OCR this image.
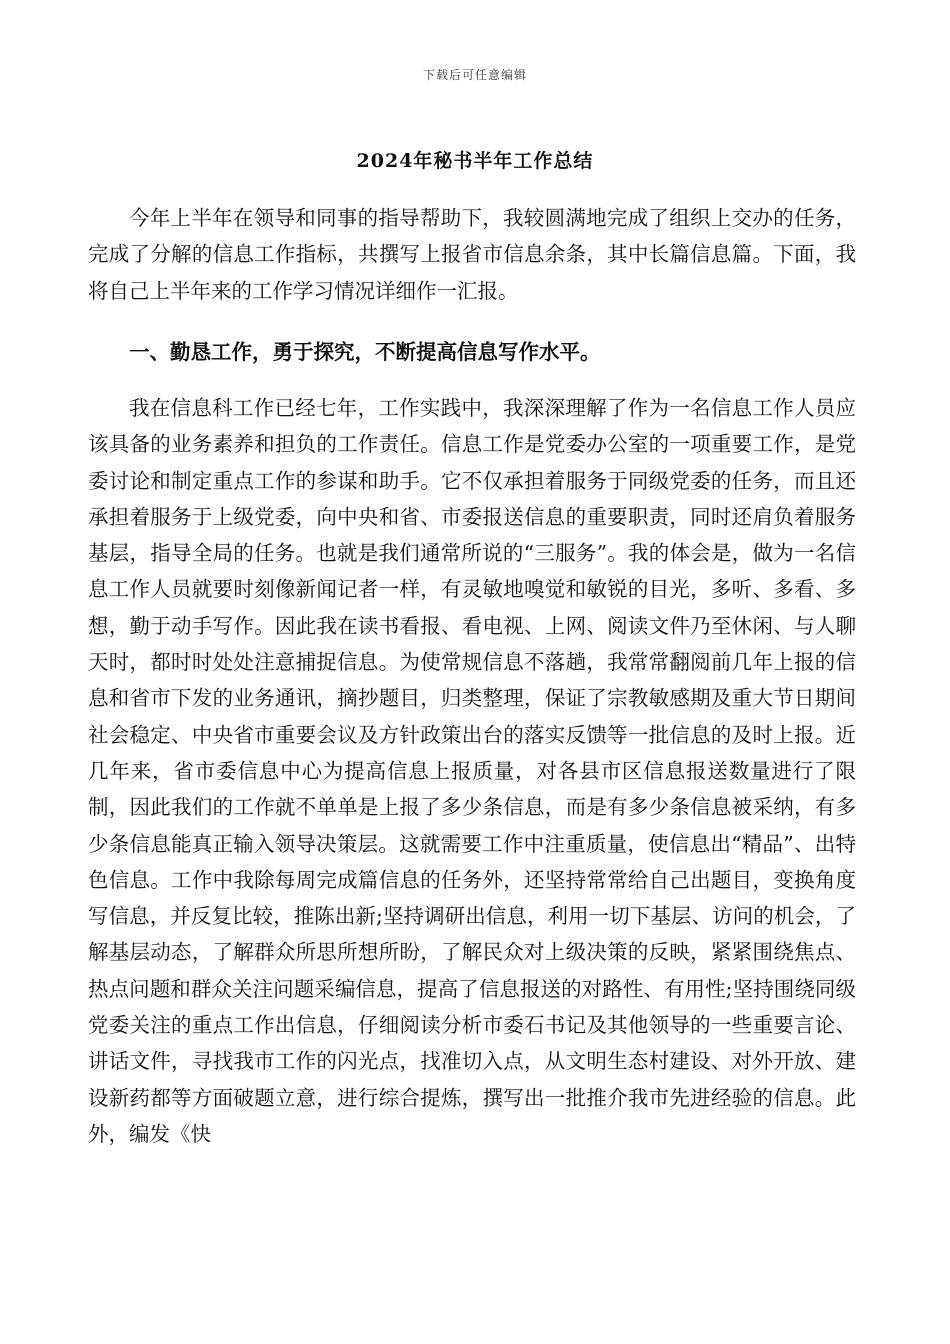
下载后可任意编辑
2024年秘书半年工作总结

今年上半年在领导和同事的指导帮助下，我较圆满地完成了组织上交办的任务，完成了分解的信息工作指标，共撰写上报省市信息余条，其中长篇信息篇。下面，我将自己上半年来的工作学习情况详细作一汇报。

一、勤恳工作，勇于探究，不断提高信息写作水平。

我在信息科工作已经七年，工作实践中，我深深理解了作为一名信息工作人员应该具备的业务素养和担负的工作责任。信息工作是党委办公室的一项重要工作，是党委讨论和制定重点工作的参谋和助手。它不仅承担着服务于同级党委的任务，而且还承担着服务于上级党委，向中央和省、市委报送信息的重要职责，同时还肩负着服务基层，指导全局的任务。也就是我们通常所说的“三服务”。我的体会是，做为一名信息工作人员就要时刻像新闻记者一样，有灵敏地嗅觉和敏锐的目光，多听、多看、多想，勤于动手写作。因此我在读书看报、看电视、上网、阅读文件乃至休闲、与人聊天时，都时时处处注意捕捉信息。为使常规信息不落趟，我常常翻阅前几年上报的信息和省市下发的业务通讯，摘抄题目，归类整理，保证了宗教敏感期及重大节日期间社会稳定、中央省市重要会议及方针政策出台的落实反馈等一批信息的及时上报。近几年来，省市委信息中心为提高信息上报质量，对各县市区信息报送数量进行了限制，因此我们的工作就不单单是上报了多少条信息，而是有多少条信息被采纳，有多少条信息能真正输入领导决策层。这就需要工作中注重质量，使信息出“精品”、出特色信息。工作中我除每周完成篇信息的任务外，还坚持常常给自己出题目，变换角度写信息，并反复比较，推陈出新;坚持调研出信息，利用一切下基层、访问的机会，了解基层动态，了解群众所思所想所盼，了解民众对上级决策的反映，紧紧围绕焦点、热点问题和群众关注问题采编信息，提高了信息报送的对路性、有用性;坚持围绕同级党委关注的重点工作出信息，仔细阅读分析市委石书记及其他领导的一些重要言论、讲话文件，寻找我市工作的闪光点，找准切入点，从文明生态村建设、对外开放、建设新药都等方面破题立意，进行综合提炼，撰写出一批推介我市先进经验的信息。此外，编发《快
